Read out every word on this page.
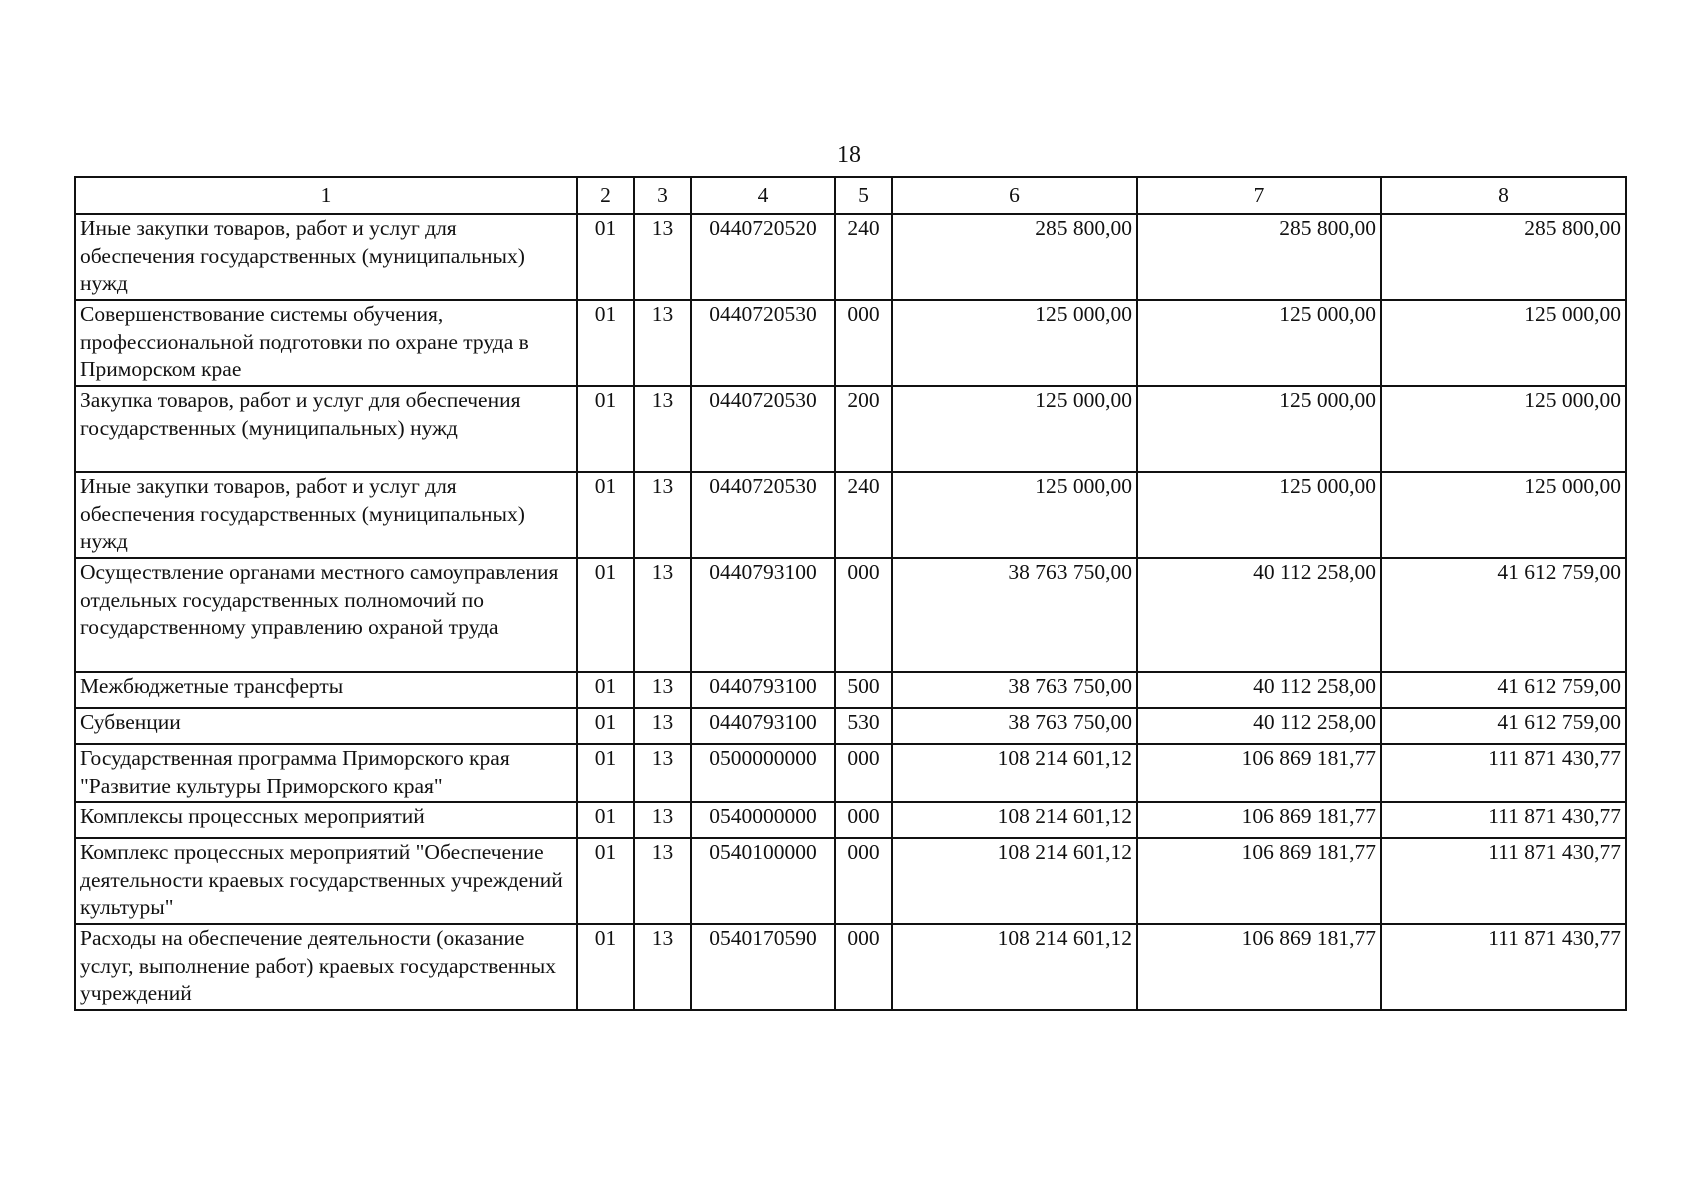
18
1	2	3	4	5	6	7	8
Иные закупки товаров, работ и услуг для обеспечения государственных (муниципальных) нужд	01	13	0440720520	240	285 800,00	285 800,00	285 800,00
Совершенствование системы обучения, профессиональной подготовки по охране труда в Приморском крае	01	13	0440720530	000	125 000,00	125 000,00	125 000,00
Закупка товаров, работ и услуг для обеспечения государственных (муниципальных) нужд	01	13	0440720530	200	125 000,00	125 000,00	125 000,00
Иные закупки товаров, работ и услуг для обеспечения государственных (муниципальных) нужд	01	13	0440720530	240	125 000,00	125 000,00	125 000,00
Осуществление органами местного самоуправления отдельных государственных полномочий по государственному управлению охраной труда	01	13	0440793100	000	38 763 750,00	40 112 258,00	41 612 759,00
Межбюджетные трансферты	01	13	0440793100	500	38 763 750,00	40 112 258,00	41 612 759,00
Субвенции	01	13	0440793100	530	38 763 750,00	40 112 258,00	41 612 759,00
Государственная программа Приморского края "Развитие культуры Приморского края"	01	13	0500000000	000	108 214 601,12	106 869 181,77	111 871 430,77
Комплексы процессных мероприятий	01	13	0540000000	000	108 214 601,12	106 869 181,77	111 871 430,77
Комплекс процессных мероприятий "Обеспечение деятельности краевых государственных учреждений культуры"	01	13	0540100000	000	108 214 601,12	106 869 181,77	111 871 430,77
Расходы на обеспечение деятельности (оказание услуг, выполнение работ) краевых государственных учреждений	01	13	0540170590	000	108 214 601,12	106 869 181,77	111 871 430,77
